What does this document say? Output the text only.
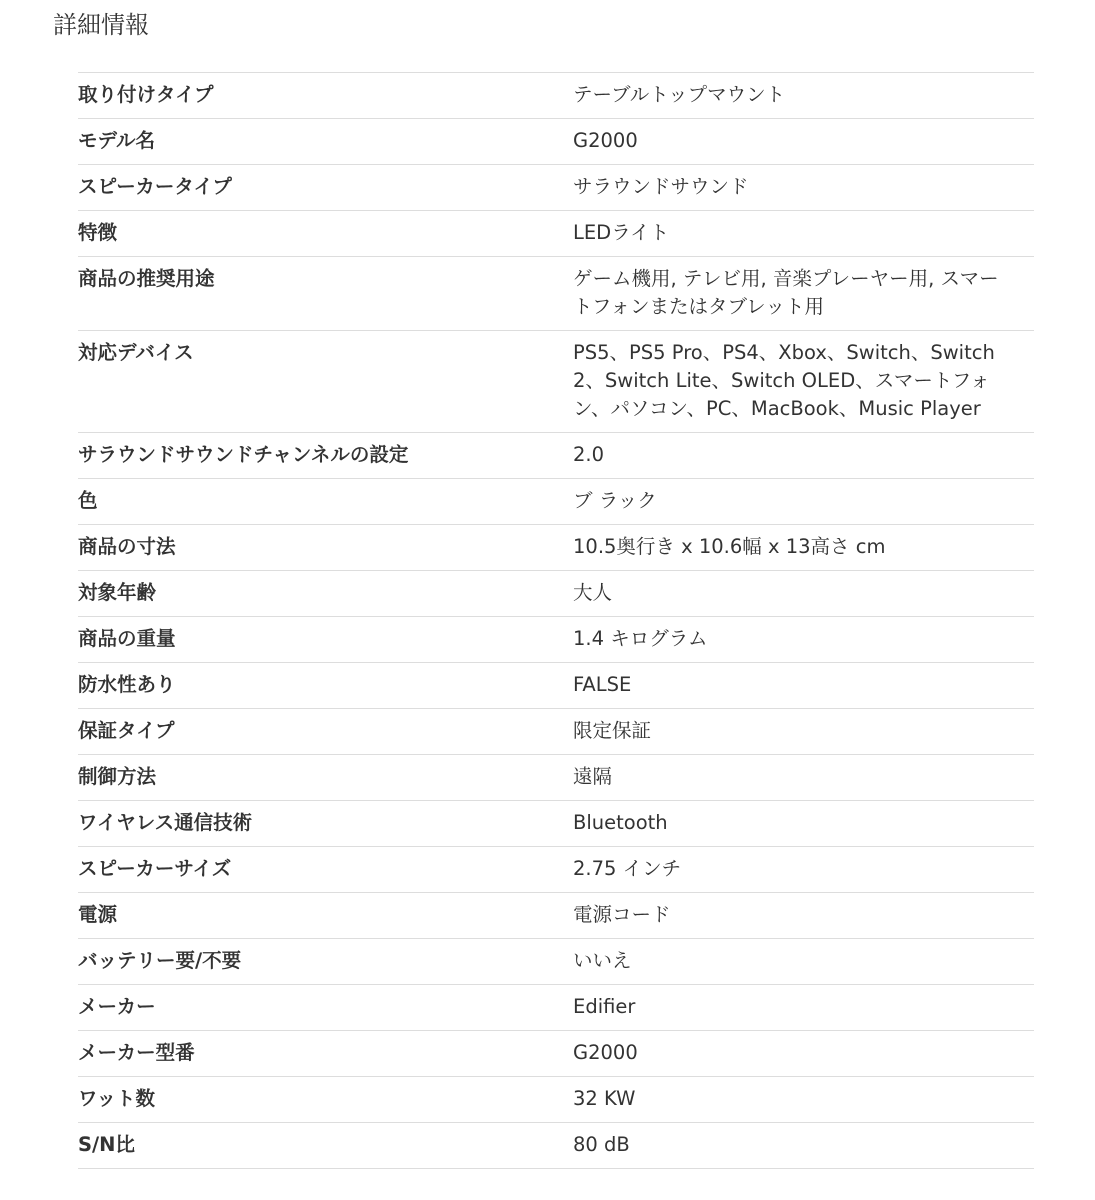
詳細情報
取り付けタイプ	テーブルトップマウント
モデル名	G2000
スピーカータイプ	サラウンドサウンド
特徴	LEDライト
商品の推奨用途	ゲーム機用, テレビ用, 音楽プレーヤー用, スマートフォンまたはタブレット用
対応デバイス	PS5、PS5 Pro、PS4、Xbox、Switch、Switch 2、Switch Lite、Switch OLED、スマートフォン、パソコン、PC、MacBook、Music Player
サラウンドサウンドチャンネルの設定	2.0
色	ブ ラック
商品の寸法	10.5奥行き x 10.6幅 x 13高さ cm
対象年齢	大人
商品の重量	1.4 キログラム
防水性あり	FALSE
保証タイプ	限定保証
制御方法	遠隔
ワイヤレス通信技術	Bluetooth
スピーカーサイズ	2.75 インチ
電源	電源コード
バッテリー要/不要	いいえ
メーカー	Edifier
メーカー型番	G2000
ワット数	32 KW
S/N比	80 dB
